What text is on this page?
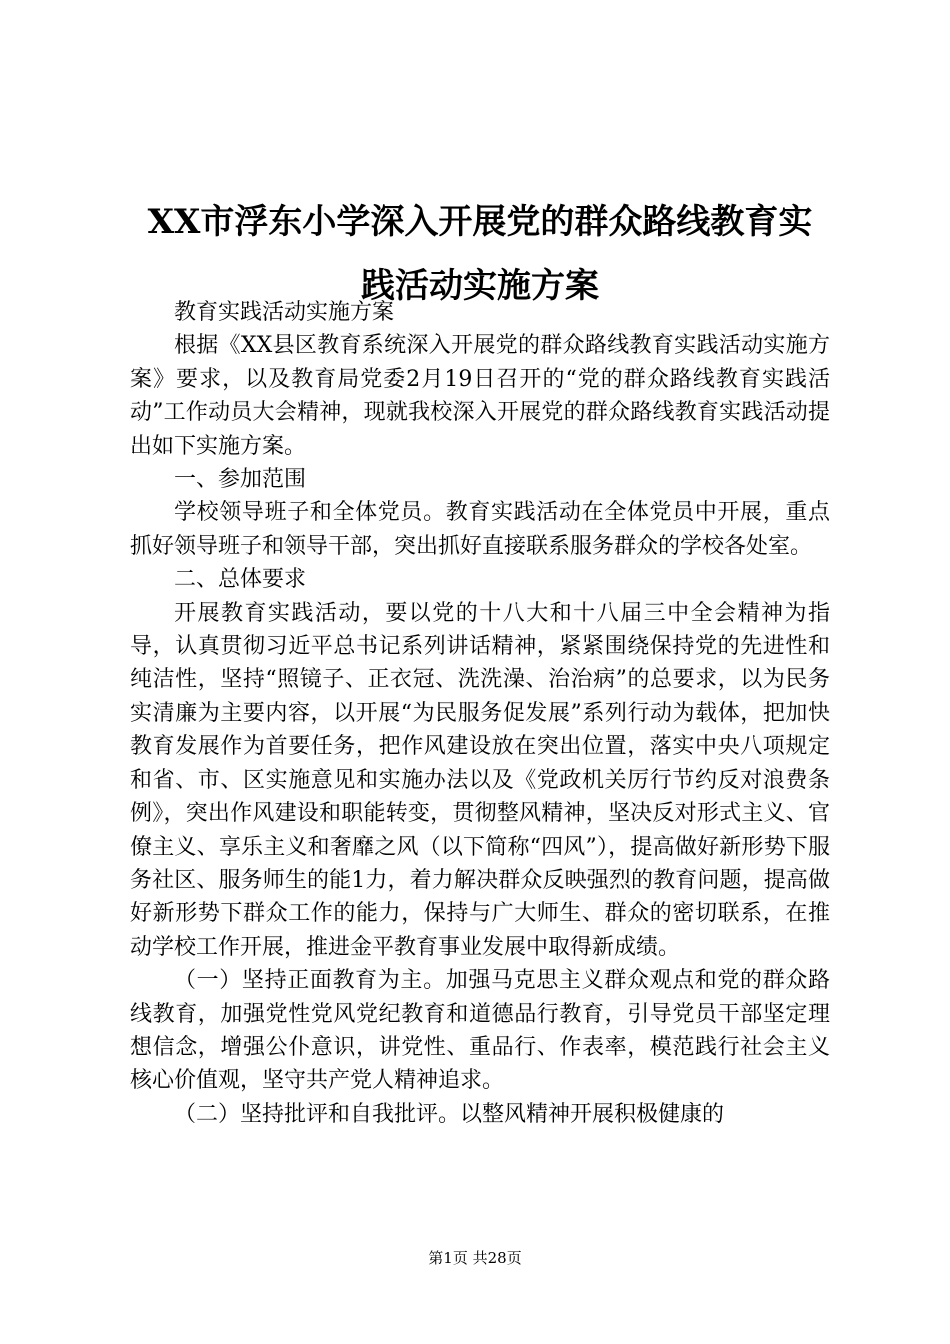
XX市浮东小学深入开展党的群众路线教育实
践活动实施方案

教育实践活动实施方案

根据《XX县区教育系统深入开展党的群众路线教育实践活动实施方案》要求，以及教育局党委2月19日召开的“党的群众路线教育实践活动”工作动员大会精神，现就我校深入开展党的群众路线教育实践活动提出如下实施方案。

一、参加范围

学校领导班子和全体党员。教育实践活动在全体党员中开展，重点抓好领导班子和领导干部，突出抓好直接联系服务群众的学校各处室。

二、总体要求

开展教育实践活动，要以党的十八大和十八届三中全会精神为指导，认真贯彻习近平总书记系列讲话精神，紧紧围绕保持党的先进性和纯洁性，坚持“照镜子、正衣冠、洗洗澡、治治病”的总要求，以为民务实清廉为主要内容，以开展“为民服务促发展”系列行动为载体，把加快教育发展作为首要任务，把作风建设放在突出位置，落实中央八项规定和省、市、区实施意见和实施办法以及《党政机关厉行节约反对浪费条例》，突出作风建设和职能转变，贯彻整风精神，坚决反对形式主义、官僚主义、享乐主义和奢靡之风（以下简称“四风”），提高做好新形势下服务社区、服务师生的能1力，着力解决群众反映强烈的教育问题，提高做好新形势下群众工作的能力，保持与广大师生、群众的密切联系，在推动学校工作开展，推进金平教育事业发展中取得新成绩。

（一）坚持正面教育为主。加强马克思主义群众观点和党的群众路线教育，加强党性党风党纪教育和道德品行教育，引导党员干部坚定理想信念，增强公仆意识，讲党性、重品行、作表率，模范践行社会主义核心价值观，坚守共产党人精神追求。

（二）坚持批评和自我批评。以整风精神开展积极健康的

第1页 共28页
